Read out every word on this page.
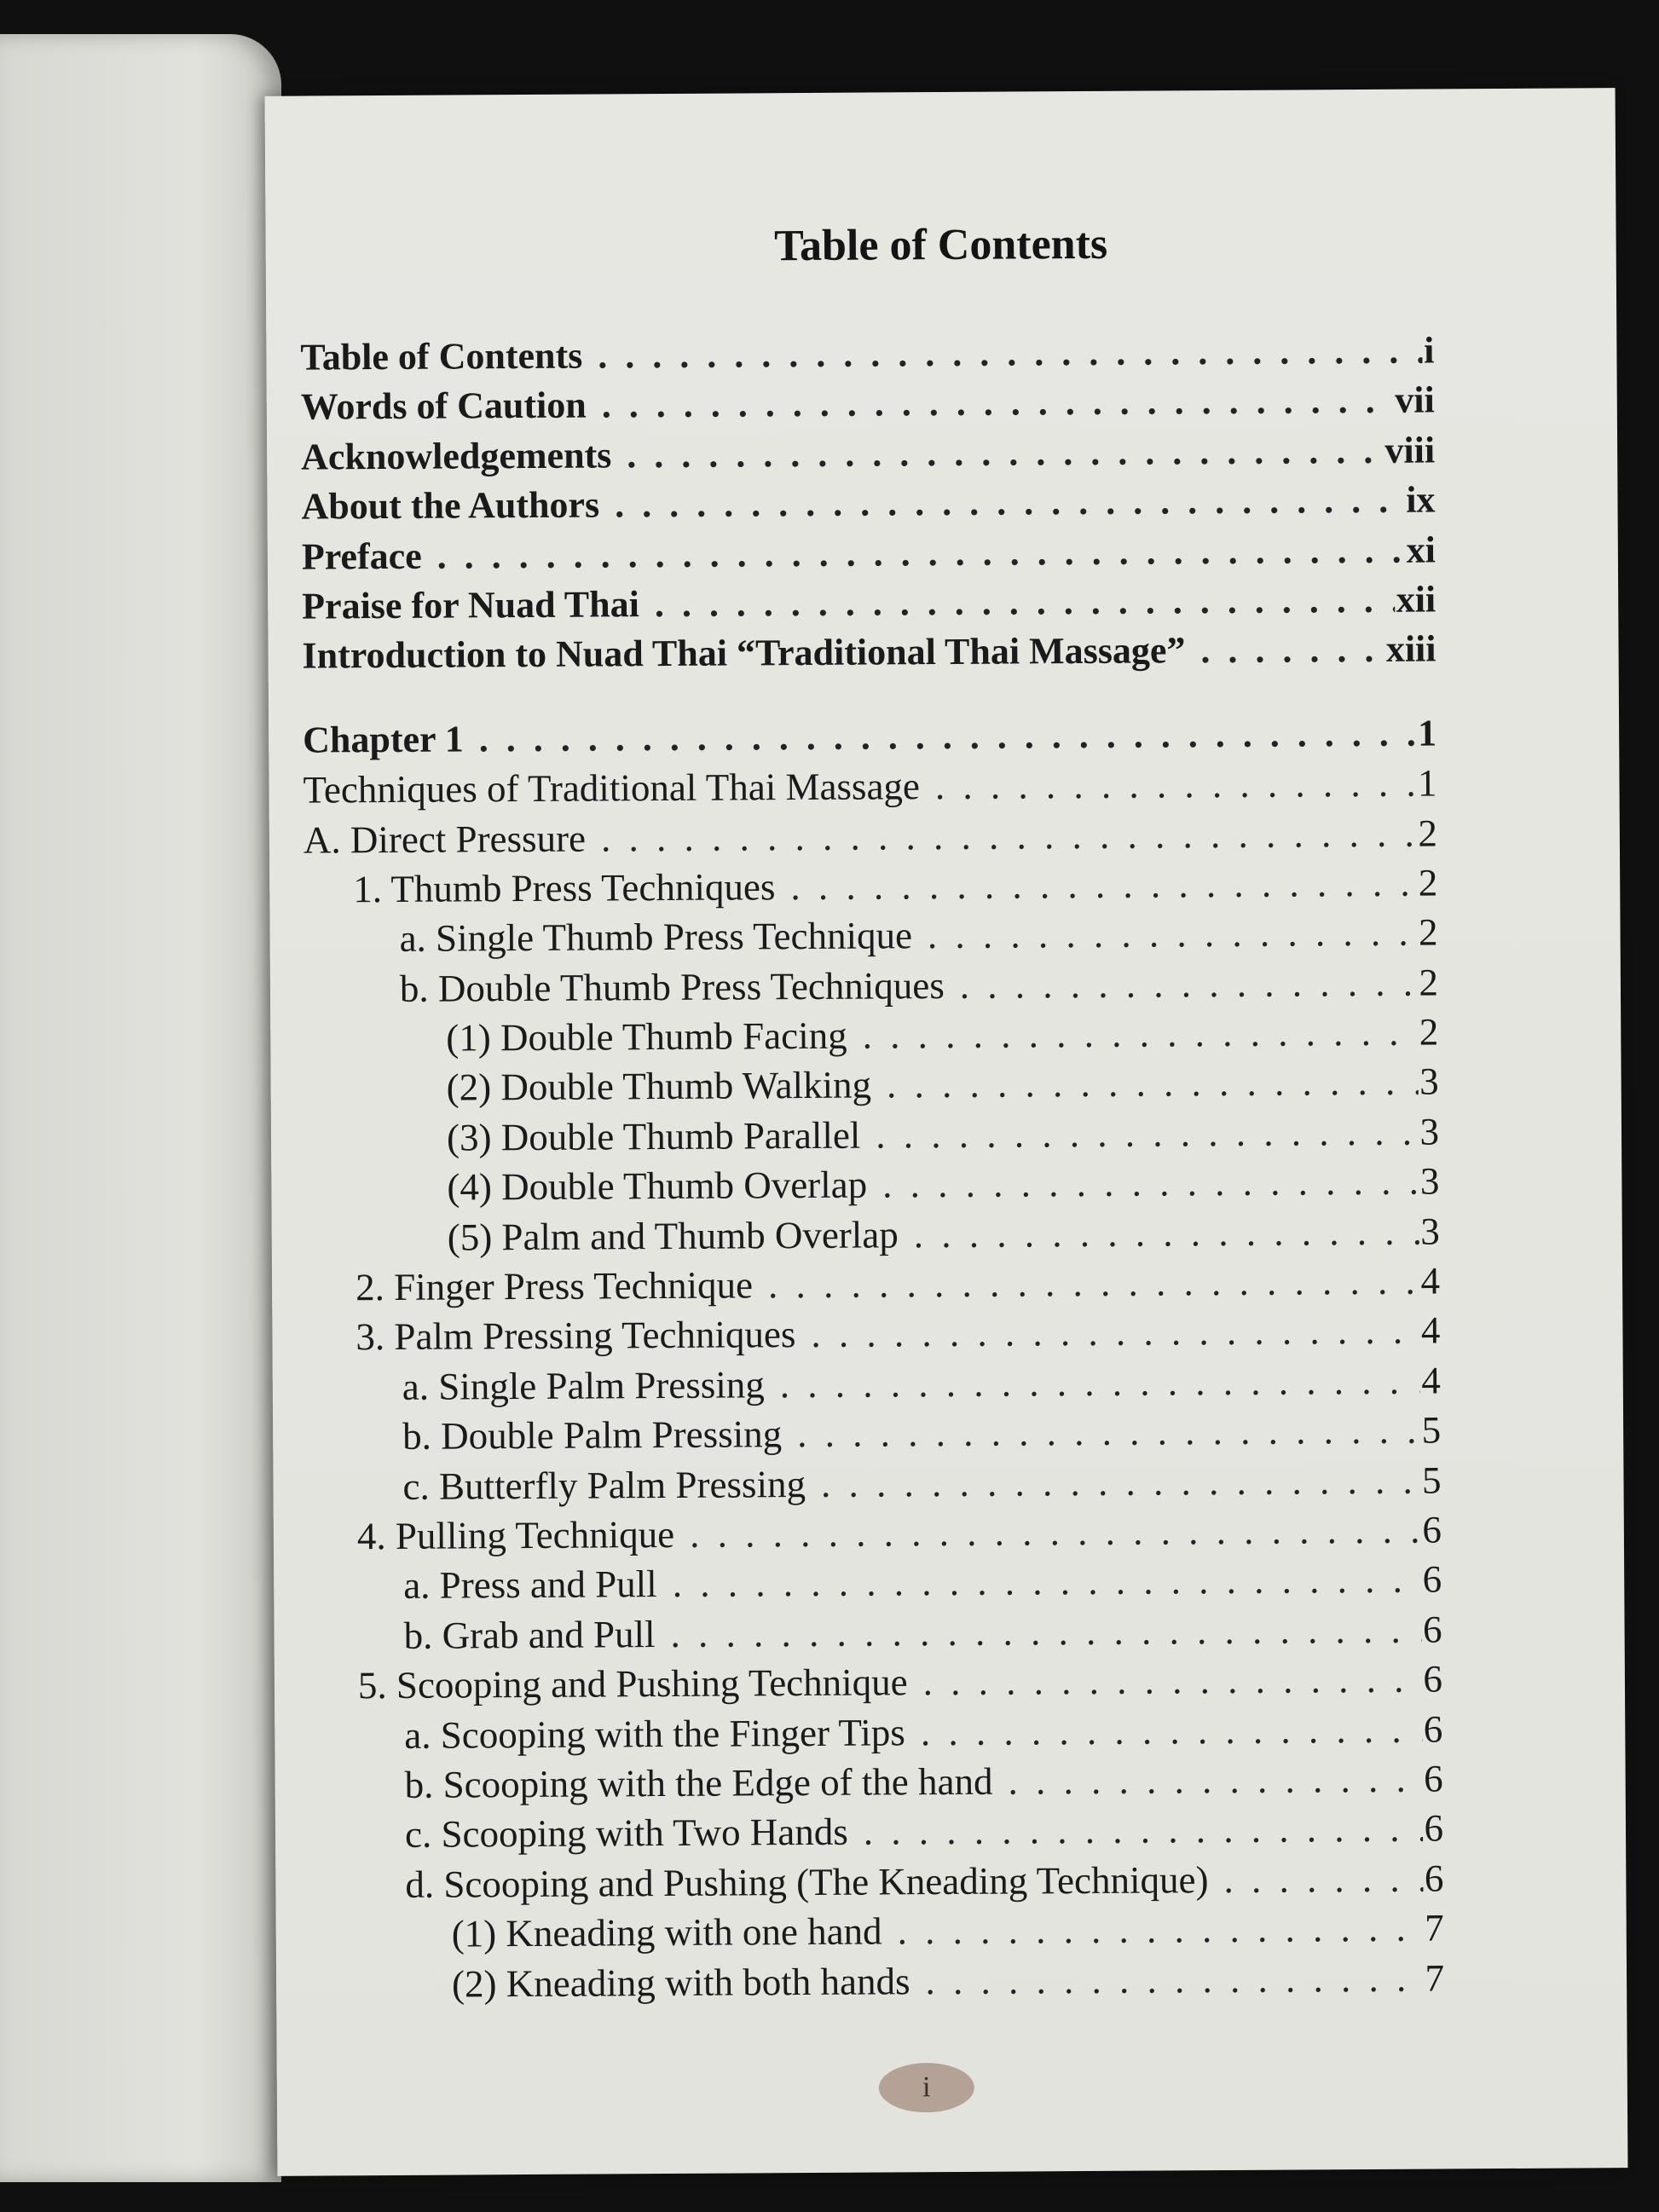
Table of Contents
Table of Contents . . .	i
Words of Caution . . .	vii
Acknowledgements . . .	viii
About the Authors . . .	ix
Preface . . .	xi
Praise for Nuad Thai . . .	xii
Introduction to Nuad Thai “Traditional Thai Massage” . . .	xiii
Chapter 1 . . .	1
Techniques of Traditional Thai Massage . . .	1
A. Direct Pressure . . .	2
1. Thumb Press Techniques . . .	2
a. Single Thumb Press Technique . . .	2
b. Double Thumb Press Techniques . . .	2
(1) Double Thumb Facing . . .	2
(2) Double Thumb Walking . . .	3
(3) Double Thumb Parallel . . .	3
(4) Double Thumb Overlap . . .	3
(5) Palm and Thumb Overlap . . .	3
2. Finger Press Technique . . .	4
3. Palm Pressing Techniques . . .	4
a. Single Palm Pressing . . .	4
b. Double Palm Pressing . . .	5
c. Butterfly Palm Pressing . . .	5
4. Pulling Technique . . .	6
a. Press and Pull . . .	6
b. Grab and Pull . . .	6
5. Scooping and Pushing Technique . . .	6
a. Scooping with the Finger Tips . . .	6
b. Scooping with the Edge of the hand . . .	6
c. Scooping with Two Hands . . .	6
d. Scooping and Pushing (The Kneading Technique) . . .	6
(1) Kneading with one hand . . .	7
(2) Kneading with both hands . . .	7
i
